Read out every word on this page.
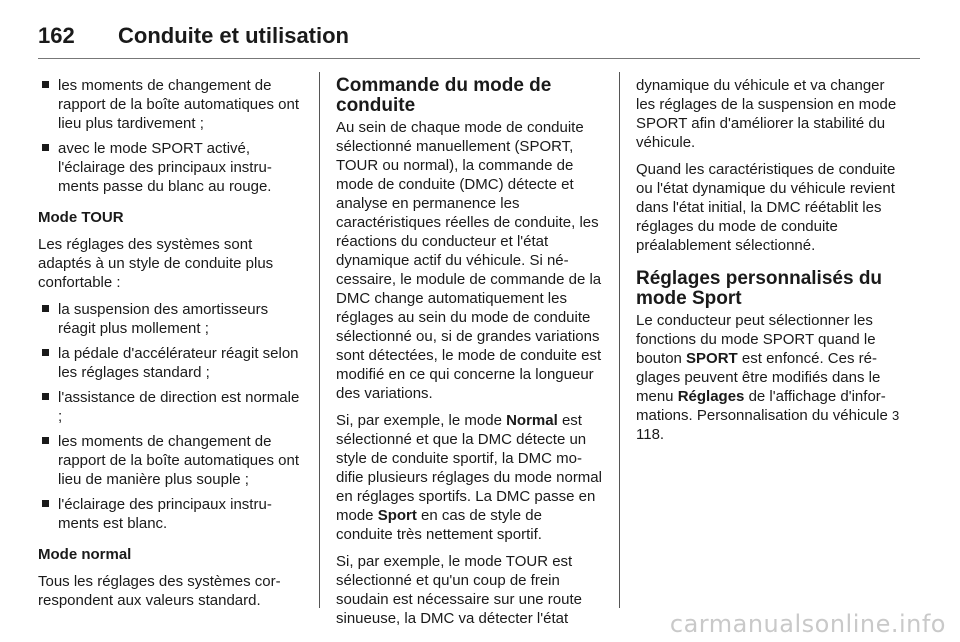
162	Conduite et utilisation
les moments de changement de rapport de la boîte automatiques ont lieu plus tardivement ;
avec le mode SPORT activé, l'éclairage des principaux instruments passe du blanc au rouge.

Mode TOUR

Les réglages des systèmes sont adaptés à un style de conduite plus confortable :

la suspension des amortisseurs réagit plus mollement ;
la pédale d'accélérateur réagit selon les réglages standard ;
l'assistance de direction est normale ;
les moments de changement de rapport de la boîte automatiques ont lieu de manière plus souple ;
l'éclairage des principaux instruments est blanc.

Mode normal

Tous les réglages des systèmes correspondent aux valeurs standard.

Commande du mode de conduite

Au sein de chaque mode de conduite sélectionné manuellement (SPORT, TOUR ou normal), la commande de mode de conduite (DMC) détecte et analyse en permanence les caractéristiques réelles de conduite, les réactions du conducteur et l'état dynamique actif du véhicule. Si nécessaire, le module de commande de la DMC change automatiquement les réglages au sein du mode de conduite sélectionné ou, si de grandes variations sont détectées, le mode de conduite est modifié en ce qui concerne la longueur des variations.

Si, par exemple, le mode Normal est sélectionné et que la DMC détecte un style de conduite sportif, la DMC modifie plusieurs réglages du mode normal en réglages sportifs. La DMC passe en mode Sport en cas de style de conduite très nettement sportif.

Si, par exemple, le mode TOUR est sélectionné et qu'un coup de frein soudain est nécessaire sur une route sinueuse, la DMC va détecter l'état

dynamique du véhicule et va changer les réglages de la suspension en mode SPORT afin d'améliorer la stabilité du véhicule.

Quand les caractéristiques de conduite ou l'état dynamique du véhicule revient dans l'état initial, la DMC réétablit les réglages du mode de conduite préalablement sélectionné.

Réglages personnalisés du mode Sport

Le conducteur peut sélectionner les fonctions du mode SPORT quand le bouton SPORT est enfoncé. Ces réglages peuvent être modifiés dans le menu Réglages de l'affichage d'informations. Personnalisation du véhicule 3 118.

carmanualsonline.info
